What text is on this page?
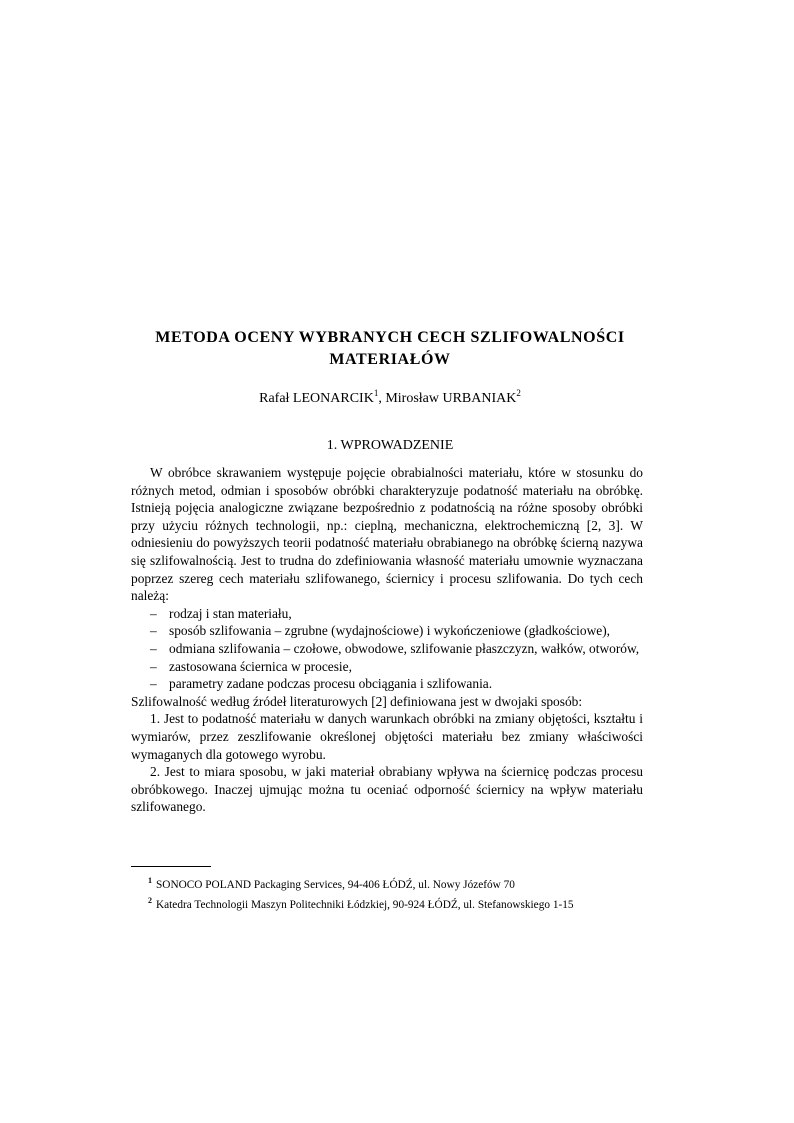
METODA OCENY WYBRANYCH CECH SZLIFOWALNOŚCI MATERIAŁÓW
Rafał LEONARCIK$^1$, Mirosław URBANIAK$^2$
1. WPROWADZENIE

W obróbce skrawaniem występuje pojęcie obrabialności materiału, które w stosunku do różnych metod, odmian i sposobów obróbki charakteryzuje podatność materiału na obróbkę. Istnieją pojęcia analogiczne związane bezpośrednio z podatnością na różne sposoby obróbki przy użyciu różnych technologii, np.: cieplną, mechaniczna, elektrochemiczną [2, 3]. W odniesieniu do powyższych teorii podatność materiału obrabianego na obróbkę ścierną nazywa się szlifowalnością. Jest to trudna do zdefiniowania własność materiału umownie wyznaczana poprzez szereg cech materiału szlifowanego, ściernicy i procesu szlifowania. Do tych cech należą:

– rodzaj i stan materiału,
– sposób szlifowania – zgrubne (wydajnościowe) i wykończeniowe (gładkościowe),
– odmiana szlifowania – czołowe, obwodowe, szlifowanie płaszczyzn, wałków, otworów,
– zastosowana ściernica w procesie,
– parametry zadane podczas procesu obciągania i szlifowania.

Szlifowalność według źródeł literaturowych [2] definiowana jest w dwojaki sposób:

1. Jest to podatność materiału w danych warunkach obróbki na zmiany objętości, kształtu i wymiarów, przez zeszlifowanie określonej objętości materiału bez zmiany właściwości wymaganych dla gotowego wyrobu.

2. Jest to miara sposobu, w jaki materiał obrabiany wpływa na ściernicę podczas procesu obróbkowego. Inaczej ujmując można tu oceniać odporność ściernicy na wpływ materiału szlifowanego.

$^1$ SONOCO POLAND Packaging Services, 94-406 ŁÓDŹ, ul. Nowy Józefów 70
$^2$ Katedra Technologii Maszyn Politechniki Łódzkiej, 90-924 ŁÓDŹ, ul. Stefanowskiego 1-15
